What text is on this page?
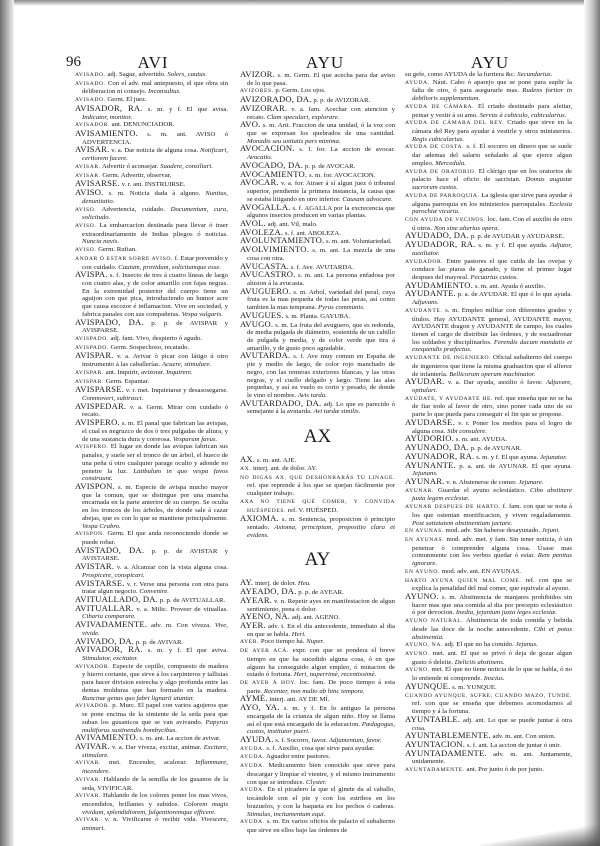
96	AVI	AYU	AYU
AVISADO. adj. Sagaz, advertido. Solers, cautus.
AVISADO. Con el adv. mal antepuesto, el que obra sin deliberacion ni consejo. Inconsultus.
AVISADO. Germ. El juez.
AVISADOR, RA. s. m. y f. El que avisa. Indicator, monitor.
AVISADOR. ant. DENUNCIADOR.
AVISAMIENTO. s. m. ant. AVISO ó ADVERTENCIA.
AVISAR. v. a. Dar noticia de alguna cosa. Notificari, certiorem facere.
AVISAR. Advertir ó aconsejar. Suadere, consiliari.
AVISAR. Germ. Advertir, observar.
AVISARSE. v. r. ant. INSTRUIRSE.
AVISO. s. m. Noticia dada á alguno. Nuntius, denuntiatio.
AVISO. Advertencia, cuidado. Documentum, cura, solicitudo.
AVISO. La embarcacion destinada para llevar ó traer extraordinariamente de Indias pliegos ó noticias. Nuncia navis.
AVISO. Germ. Rufian.
ANDAR Ó ESTAR SOBRE AVISO. f. Estar prevenido y con cuidado. Cautum, providum, solicitumque esse.
AVISPA. s. f. Insecto de tres á cuatro líneas de largo con cuatro alas, y de color amarillo con fajas negras. En la extremidad posterior del cuerpo tiene un aguijon con que pica, introduciendo un humor acre que causa escozor é inflamacion. Vive en sociedad, y fabrica panales con sus compañeras. Vespa vulgaris.
AVISPADO, DA. p. p. de AVISPAR y AVISPARSE.
AVISPADO. adj. fam. Vivo, despierto ó agudo.
AVISPADO. Germ. Sospechoso, recatado.
AVISPAR. v. a. Avivar ó picar con látigo ú otro instrumento á las caballerías. Acuere, stimulare.
AVISPAR. ant. Inquirir, avizorar. Inquirere.
AVISPAR. Germ. Espantar.
AVISPARSE. v. r. met. Inquietarse y desasosegarse. Commoveri, subirasci.
AVISPEDAR. v. a. Germ. Mirar con cuidado ó recato.
AVISPERO. s. m. El panal que fabrican las avispas, el cual es negruzco de dos ó tres pulgadas de altura, y de una sustancia dura y correosa. Vesparum favus.
AVISPERO. El lugar en donde las avispas fabrican sus panales, y suele ser el tronco de un árbol, el hueco de una peña ú otro cualquier parage oculto y adonde no penetre la luz. Latibulum in quo vespa favos construunt.
AVISPON. s. m. Especie de avispa mucho mayor que la comun, que se distingue por una mancha encarnada en la parte anterior de su cuerpo. Se oculta en los troncos de los árboles, de donde sale á cazar abejas, que es con lo que se mantiene principalmente. Vespa Crabro.
AVISPON. Germ. El que anda reconociendo donde se puede robar.
AVISTADO, DA. p. p. de AVISTAR y AVISTARSE.
AVISTAR. v. a. Alcanzar con la vista alguna cosa. Prospicere, conspicari.
AVISTARSE. v. r. Verse una persona con otra para tratar algun negocio. Convenire.
AVITUALLADO, DA. p. p. de AVITUALLAR.
AVITUALLAR. v. a. Milic. Proveer de vituallas. Cibaria comparare.
AVIVADAMENTE. adv. m. Con viveza. Vive, vivide.
AVIVADO, DA. p. p. de AVIVAR.
AVIVADOR, RA. s. m. y f. El que aviva. Stimulator, excitator.
AVIVADOR. Especie de cepillo, compuesto de madera y hierro cortante, que sirve á los carpinteros y tallistas para hacer division estrecha y algo profunda entre las demas molduras que han formado en la madera. Runcinæ genus quo fabri lignarii utuntur.
AVIVADOR. p. Murc. El papel con varios agujeros que se pone encima de la simiente de la seda para que suban los gusanicos que se van avivando. Papyrus multiforus sustinendis bombycibus.
AVIVAMIENTO. s. m. ant. La accion de avivar.
AVIVAR. v. a. Dar viveza, excitar, animar. Excitare, stimulare.
AVIVAR. met. Encender, acalorar. Inflammare, incendere.
AVIVAR. Hablando de la semilla de los gusanos de la seda, VIVIFICAR.
AVIVAR. Hablando de los colores poner los mas vivos, encendidos, brillantes y subidos. Colorem magis vividum, splendidiorem, fulgentioremque efficere.
AVIVAR. v. n. Vivificarse ó recibir vida. Vivescere, animari.
AVIZOR. s. m. Germ. El que acecha para dar aviso de lo que pasa.
AVIZORES. p. Germ. Los ojos.
AVIZORADO, DA. p. p. de AVIZORAR.
AVIZORAR. v. a. fam. Acechar con atencion y recato. Clam speculari, explorare.
AVO. s. m. Arit. Fraccion de una unidad, ó la voz con que se expresan los quebrados de una cantidad. Monadis seu unitatis pars minima.
AVOCACION. s. f. for. La accion de avocar. Avocatio.
AVOCADO, DA. p. p. de AVOCAR.
AVOCAMIENTO. s. m. for. AVOCACION.
AVOCAR. v. a. for. Atraer á sí algun juez ó tribunal superior, pendiente la primera instancia, la causa que se estaba litigando en otro inferior. Causam advocare.
AVOGALLA. s. f. AGALLA por la excrecencia que algunos insectos producen en varias plantas.
AVOL. adj. ant. Vil, malo.
AVOLEZA. s. f. ant. ABOLEZA.
AVOLUNTAMIENTO. s. m. ant. Voluntariedad.
AVOLVIMIENTO. s. m. ant. La mezcla de una cosa con otra.
AVUCASTA. s. f. Ave. AVUTARDA.
AVUCASTRO. s. m. ant. La persona enfadosa por alusion á la avucasta.
AVUGUERO. s. m. Arbol, variedad del peral, cuya fruta es la mas pequeña de todas las peras, así como tambien la mas temprana. Pyrus communis.
AVUGUES. s. m. Planta. GAYUBA.
AVUGO. s. m. La fruta del avuguero, que es redonda, de media pulgada de diámetro, sostenida de un cabillo de pulgada y media, y de color verde que tira á amarillo, y de gusto poco agradable.
AVUTARDA. s. f. Ave muy comun en España de pie y medio de largo, de color rojo manchado de negro, con las remeras exteriores blancas, y las otras negras, y el cuello delgado y largo. Tiene las alas pequeñas, y así su vuelo es corto y pesado, de donde le vino el nombre. Avis tarda.
AVUTARDADO, DA. adj. Lo que es parecido ó semejante á la avutarda. Avi tardæ similis.
AX
AX. s. m. ant. AJE.
AX. interj. ant. de dolor. AY.
NO DIGAS AX, QUE DESHONRARÁS TU LINAGE. ref. que reprende á los que se quejan fácilmente por cualquier trabajo.
AXA NO TIENE QUÉ COMER, Y CONVIDA HUÉSPEDES. ref. V. HUÉSPED.
AXIOMA. s. m. Sentencia, proposicion ó principio sentado. Axioma, principium, propositio clara et evidens.
AY
AY. interj. de dolor. Heu.
AYEADO, DA. p. p. de AYEAR.
AYEAR. v. n. Repetir ayes en manifestacion de algun sentimiento, pena ó dolor.
AYENO, NA. adj. ant. AGENO.
AYER. adv. t. En el dia antecedente, inmediato al dia en que se habla. Heri.
AYER. Poco tiempo há. Nuper.
DE AYER ACÁ. expr. con que se pondera el breve tiempo en que ha sucedido alguna cosa, ó en que alguno ha conseguido algun empleo, ó mutacion de estado ó fortuna. Heri, nuperrimè, recentissimè.
DE AYER Á HOY. loc. fam. De poco tiempo á esta parte. Recenter, non multo ab hinc tempore.
AYMÉ. interj. ant. AY DE MÍ.
AYO, YA. s. m. y f. En lo antiguo la persona encargada de la crianza de algun niño. Hoy se llama así el que está encargado de la educacion. Pædagogus, custos, institutor pueri.
AYUDA. s. f. Socorro, favor. Adjumentum, favor.
AYUDA. s. f. Auxilio, cosa que sirve para ayudar.
AYUDA. Aguador entre pastores.
AYUDA. Medicamento bien conocido que sirve para descargar y limpiar el vientre, y el mismo instrumento con que se introduce. Clyster.
AYUDA. En el picadero la que el ginete da al caballo, tocándole con el pie y con los estribos en los brazuelos, y con la baqueta en los pechos ó caderas. Stimulus, incitamentum equi.
AYUDA. s. m. En varios oficios de palacio el subalterno que sirve en ellos bajo las órdenes de
su gefe, como AYUDA de la furriera &c. Secundarius.
AYUDA. Náut. Cabo ó aparejo que se pone para suplir la falta de otro, ó para asegurarle mas. Rudens fortior in debilioris supplementum.
AYUDA DE CÁMARA. El criado destinado para afeitar, peinar y vestir á su amo. Servus à cubiculo, cubicularius.
AYUDA DE CÁMARA DEL REY. Criado que sirve en la cámara del Rey para ayudar á vestirle y otros ministerios. Regis cubicularius.
AYUDA DE COSTA. s. f. El socorro en dinero que se suele dar ademas del salario señalado al que ejerce algun empleo. Mercedula.
AYUDA DE ORATORIO. El clérigo que en los oratorios de palacio hace el oficio de sacristan. Domus augustæ sacrorum custos.
AYUDA DE PARROQUIA. La iglesia que sirve para ayudar á alguna parroquia en los ministerios parroquiales. Ecclesia parochiæ vicaria.
CON AYUDA DE VECINOS. loc. fam. Con el auxilio de otro ú otros. Non sine alterius opera.
AYUDADO, DA. p. p. de AYUDAR y AYUDARSE.
AYUDADOR, RA. s. m. y f. El que ayuda. Adjutor, auxiliator.
AYUDADOR. Entre pastores el que cuida de las ovejas y conduce las piaras de ganado, y tiene el primer lugar despues del mayoral. Pecuarius custos.
AYUDAMIENTO. s. m. ant. Ayuda ó auxilio.
AYUDANTE. p. a. de AYUDAR. El que ó lo que ayuda. Adjuvans.
AYUDANTE. s. m. Empleo militar con diferentes grados y títulos. Hay AYUDANTE general, AYUDANTE mayor, AYUDANTE dragon y AYUDANTE de campo, los cuales tienen el cargo de distribuir las órdenes, y de escuadronar los soldados y disciplinarlos. Ferendis ducum mandatis et exequendis præfectus.
AYUDANTE DE INGENIERO. Oficial subalterno del cuerpo de ingenieros que tiene la misma graduacion que el alferez de infantería. Bellicorum operum machinator.
AYUDAR. v. a. Dar ayuda, auxilio ó favor. Adjuvare, opitulari.
AYÚDATE, Y AYUDARTE HE. ref. que enseña que no se ha de fiar todo al favor de otro, sino poner cada uno de su parte lo que pueda para conseguir el fin que se propone.
AYUDARSE. v. r. Poner los medios para el logro de alguna cosa. Sibi consulere.
AYUDORIO. s. m. ant. AYUDA.
AYUNADO, DA. p. p. de AYUNAR.
AYUNADOR, RA. s. m. y f. El que ayuna. Jejunator.
AYUNANTE. p. a. ant. de AYUNAR. El que ayuna. Jejunans.
AYUNAR. v. n. Abstenerse de comer. Jejunare.
AYUNAR. Guardar el ayuno eclesiástico. Cibo abstinere juxta legem ecclesiæ.
AYUNAR DESPUES DE HARTO. f. fam. con que se nota á los que ostentan mortificacion, y viven regaladamente. Post satietatem abstinentiam jactare.
EN AYUNAS. mod. adv. Sin haberse desayunado. Jejuni.
EN AYUNAS. mod. adv. met. y fam. Sin tener noticia, ó sin penetrar ó comprender alguna cosa. Úsase mas comunmente con los verbos quedar ó estar. Rem penitus ignorare.
EN AYUNO. mod. adv. ant. EN AYUNAS.
HARTO AYUNA QUIEN MAL COME. ref. con que se explica la penalidad del mal comer, que equivale al ayuno.
AYUNO. s. m. Abstinencia de manjares prohibidos sin hacer mas que una comida al dia por precepto eclesiástico ó por devocion. Inedia, jejunium juxta leges ecclesiæ.
AYUNO NATURAL. Abstinencia de toda comida y bebida desde las doce de la noche antecedente. Cibi et potus abstinentia.
AYUNO, NA. adj. El que no ha comido. Jejunus.
AYUNO. met. ant. El que se privó ó deja de gozar algun gusto ó deleite. Deliciis abstinens.
AYUNO. met. El que no tiene noticia de lo que se habla, ó no lo entiende ni comprende. Inscius.
AYUNQUE. s. m. YUNQUE.
CUANDO AYUNQUE, SUFRE; CUANDO MAZO, TUNDE. ref. con que se enseña que debemos acomodarnos al tiempo y á la fortuna.
AYUNTABLE. adj. ant. Lo que se puede juntar á otra cosa.
AYUNTABLEMENTE. adv. m. ant. Con union.
AYUNTACION. s. f. ant. La accion de juntar ó unir.
AYUNTADAMENTE. adv. m. ant. Juntamente, unidamente.
AYUNTADAMENTE. ant. Por junto ó de por junto.
